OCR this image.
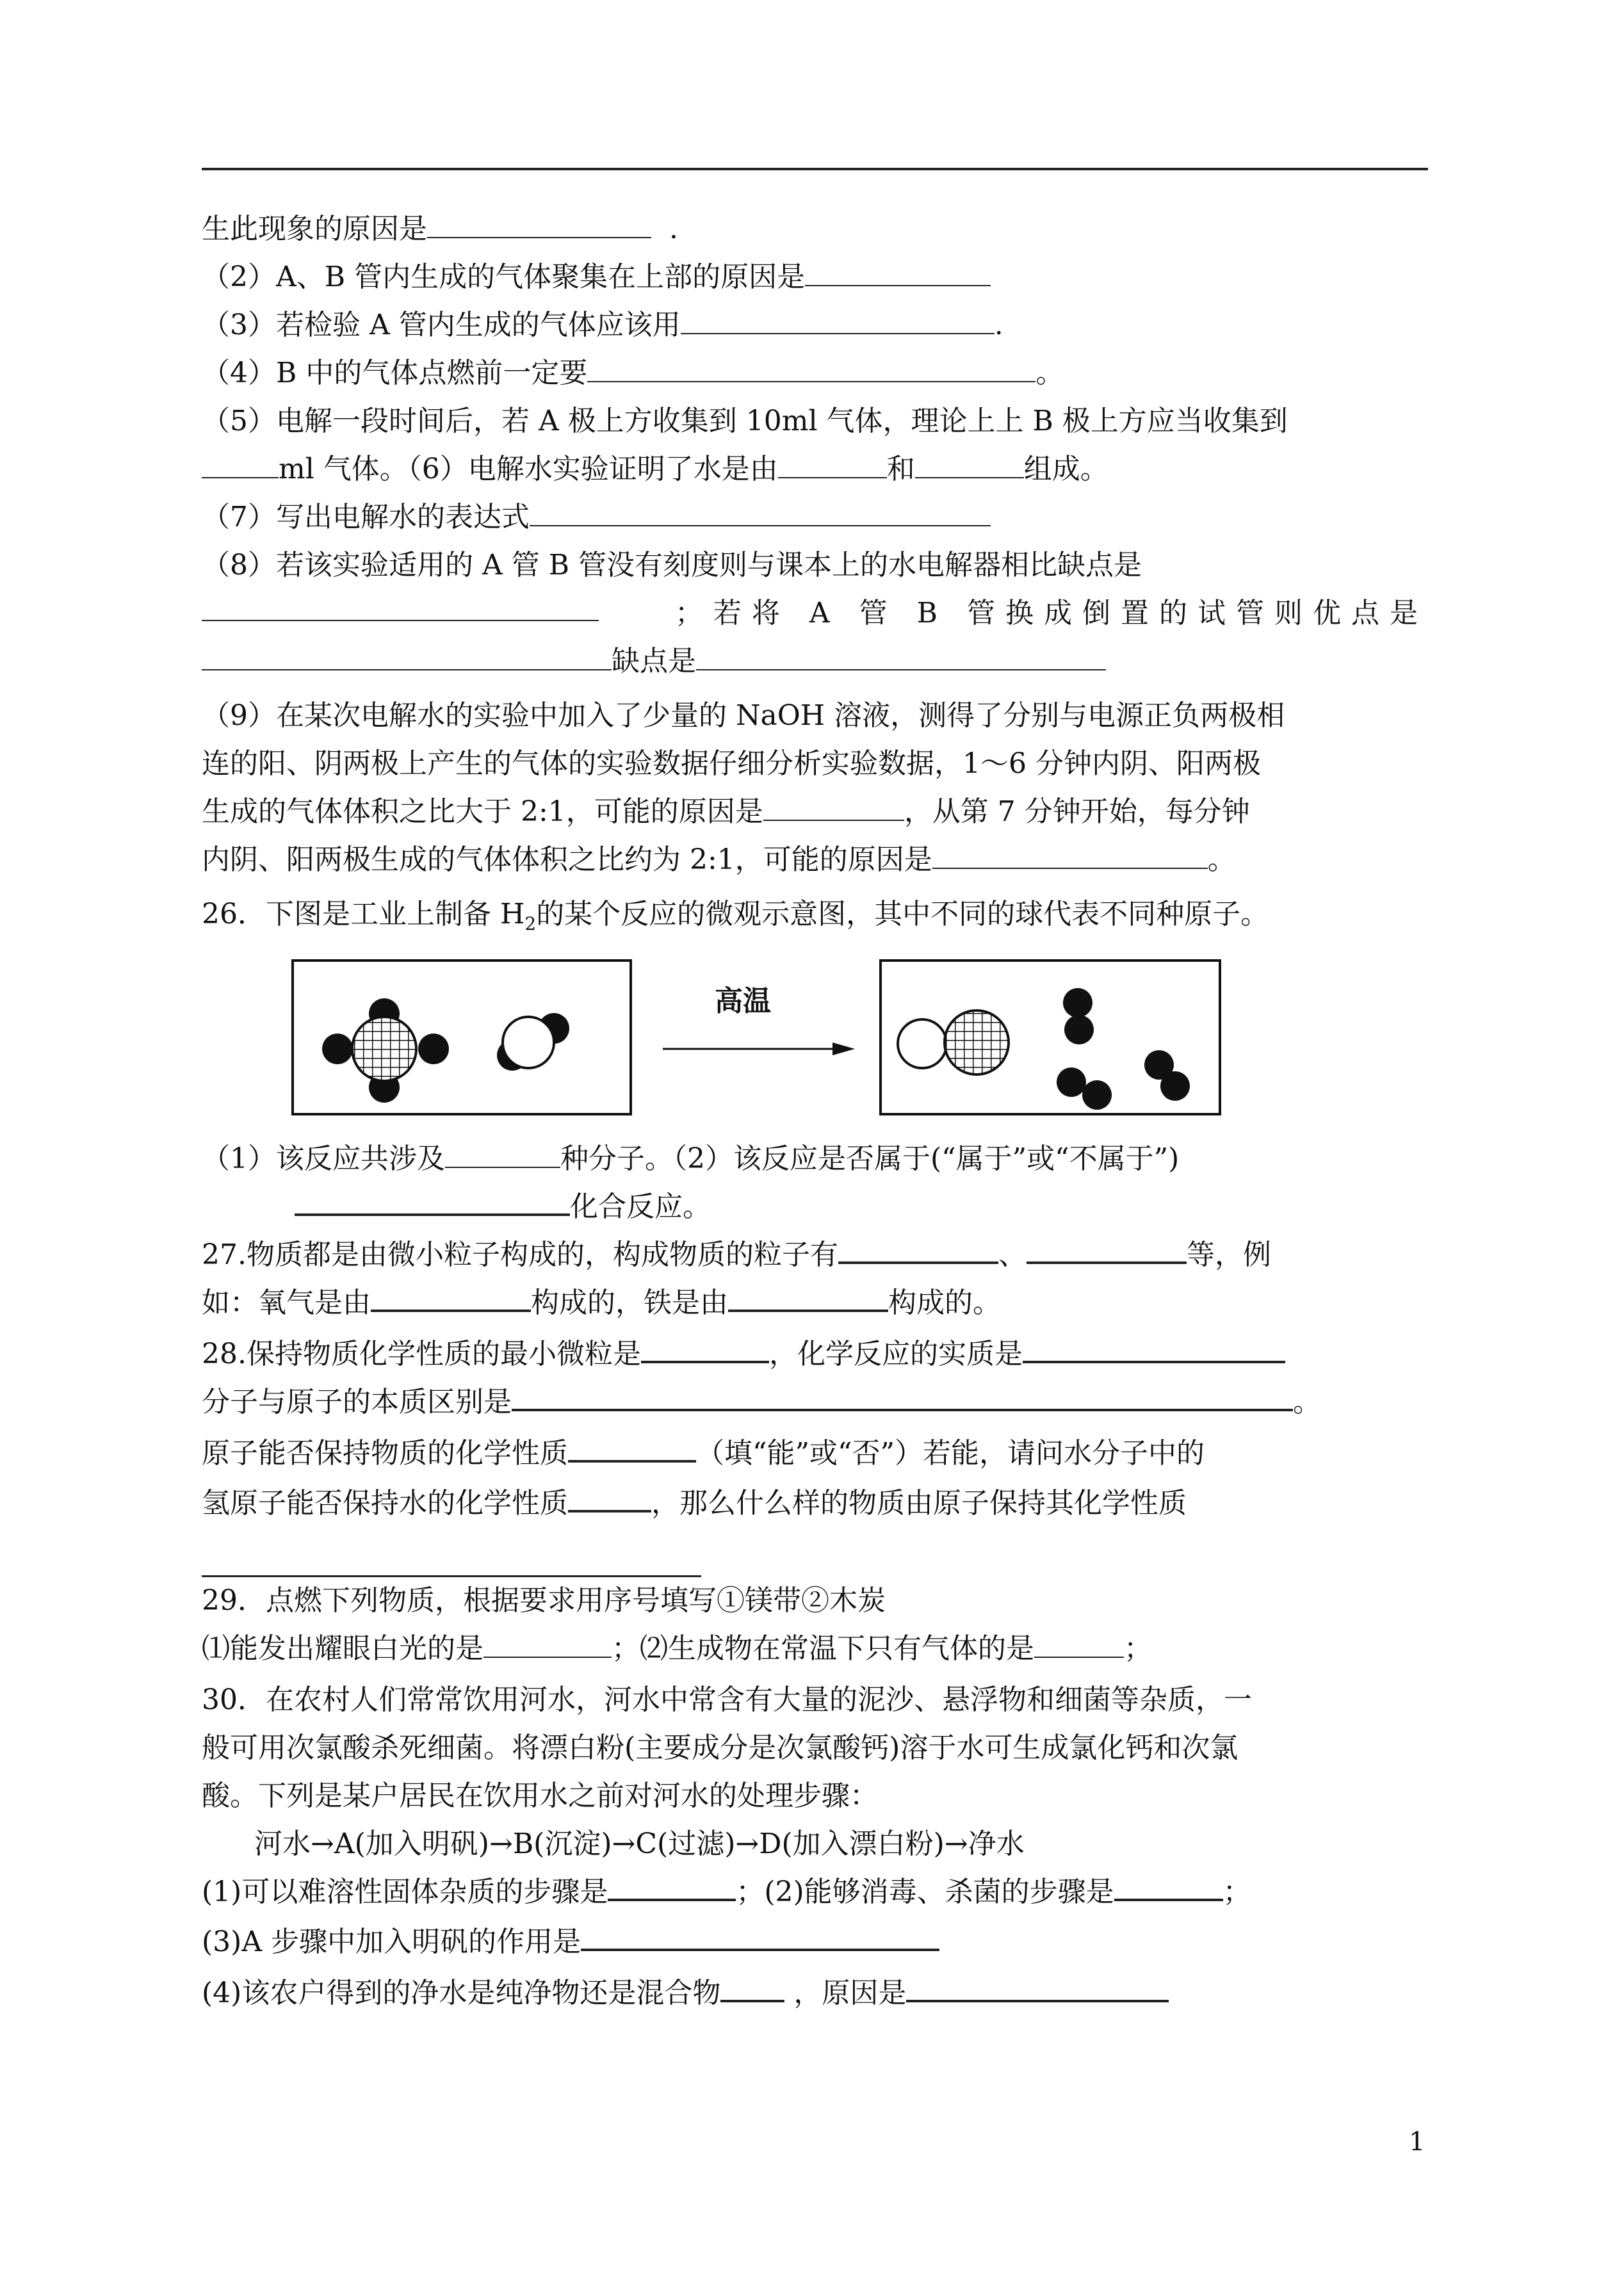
生此现象的原因是	.
（2）A、B 管内生成的气体聚集在上部的原因是
（3）若检验 A 管内生成的气体应该用	.
（4）B 中的气体点燃前一定要	。
（5）电解一段时间后，若 A 极上方收集到 10ml 气体，理论上上 B 极上方应当收集到
ml 气体。（6）电解水实验证明了水是由	和	组成。
（7）写出电解水的表达式
（8）若该实验适用的 A 管 B 管没有刻度则与课本上的水电解器相比缺点是
；若将 A 管 B 管换成倒置的试管则优点是
缺点是
（9）在某次电解水的实验中加入了少量的 NaOH 溶液，测得了分别与电源正负两极相
连的阳、阴两极上产生的气体的实验数据仔细分析实验数据，1～6 分钟内阴、阳两极
生成的气体体积之比大于 2:1，可能的原因是	，从第 7 分钟开始，每分钟
内阴、阳两极生成的气体体积之比约为 2:1，可能的原因是	。
26．下图是工业上制备 $H_2$的某个反应的微观示意图，其中不同的球代表不同种原子。
高温
（1）该反应共涉及	种分子。（2）该反应是否属于(“属于”或“不属于”)
化合反应。
27.物质都是由微小粒子构成的，构成物质的粒子有	、	等，例
如：氧气是由	构成的，铁是由	构成的。
28.保持物质化学性质的最小微粒是	，化学反应的实质是
分子与原子的本质区别是	。
原子能否保持物质的化学性质	（填“能”或“否”）若能，请问水分子中的
氢原子能否保持水的化学性质	，那么什么样的物质由原子保持其化学性质
29．点燃下列物质，根据要求用序号填写①镁带②木炭
⑴能发出耀眼白光的是	；⑵生成物在常温下只有气体的是	；
30．在农村人们常常饮用河水，河水中常含有大量的泥沙、悬浮物和细菌等杂质，一
般可用次氯酸杀死细菌。将漂白粉(主要成分是次氯酸钙)溶于水可生成氯化钙和次氯
酸。下列是某户居民在饮用水之前对河水的处理步骤：
河水→A(加入明矾)→B(沉淀)→C(过滤)→D(加入漂白粉)→净水
(1)可以难溶性固体杂质的步骤是	；(2)能够消毒、杀菌的步骤是	；
(3)A 步骤中加入明矾的作用是
(4)该农户得到的净水是纯净物还是混合物	，原因是
1
